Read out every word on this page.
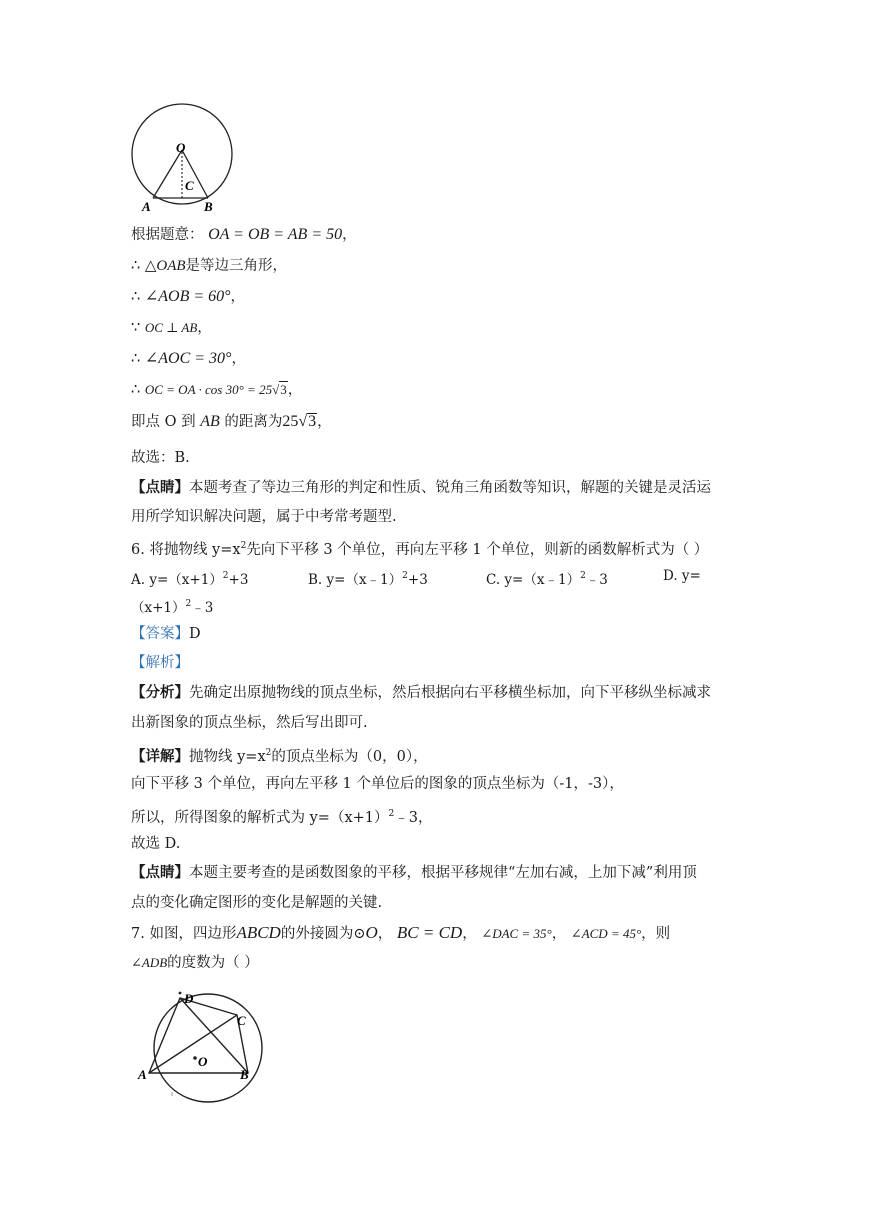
O
C
A	B
根据题意： OA = OB = AB = 50，
∴ △OAB是等边三角形，
∴ ∠AOB = 60°，
∵ OC ⊥ AB，
∴ ∠AOC = 30°，
∴ OC = OA · cos 30° = 25√3，
即点 O 到 AB 的距离为25√3，
故选：B.
【点睛】本题考查了等边三角形的判定和性质、锐角三角函数等知识，解题的关键是灵活运
用所学知识解决问题，属于中考常考题型.
6. 将抛物线 $y=x^2$先向下平移 3 个单位，再向左平移 1 个单位，则新的函数解析式为（ ）
A. $y=(x+1)^2+3$	B. y=（x﹣1）$^2$+3	C. y=（x﹣1）$^2$﹣3	D. y=
$(x+1)^2﹣3$
【答案】D
【解析】
【分析】先确定出原抛物线的顶点坐标，然后根据向右平移横坐标加，向下平移纵坐标减求
出新图象的顶点坐标，然后写出即可.
【详解】抛物线 $y=x^2$的顶点坐标为（0，0），
向下平移 3 个单位，再向左平移 1 个单位后的图象的顶点坐标为（-1，-3），
所以，所得图象的解析式为 $y=(x+1)^2﹣3$，
故选 D.
【点睛】本题主要考查的是函数图象的平移，根据平移规律“左加右减，上加下减”利用顶
点的变化确定图形的变化是解题的关键.
7. 如图，四边形ABCD的外接圆为⊙O， BC = CD， ∠DAC = 35°， ∠ACD = 45°，则
∠ADB的度数为（ ）
D
C
O
A	B
